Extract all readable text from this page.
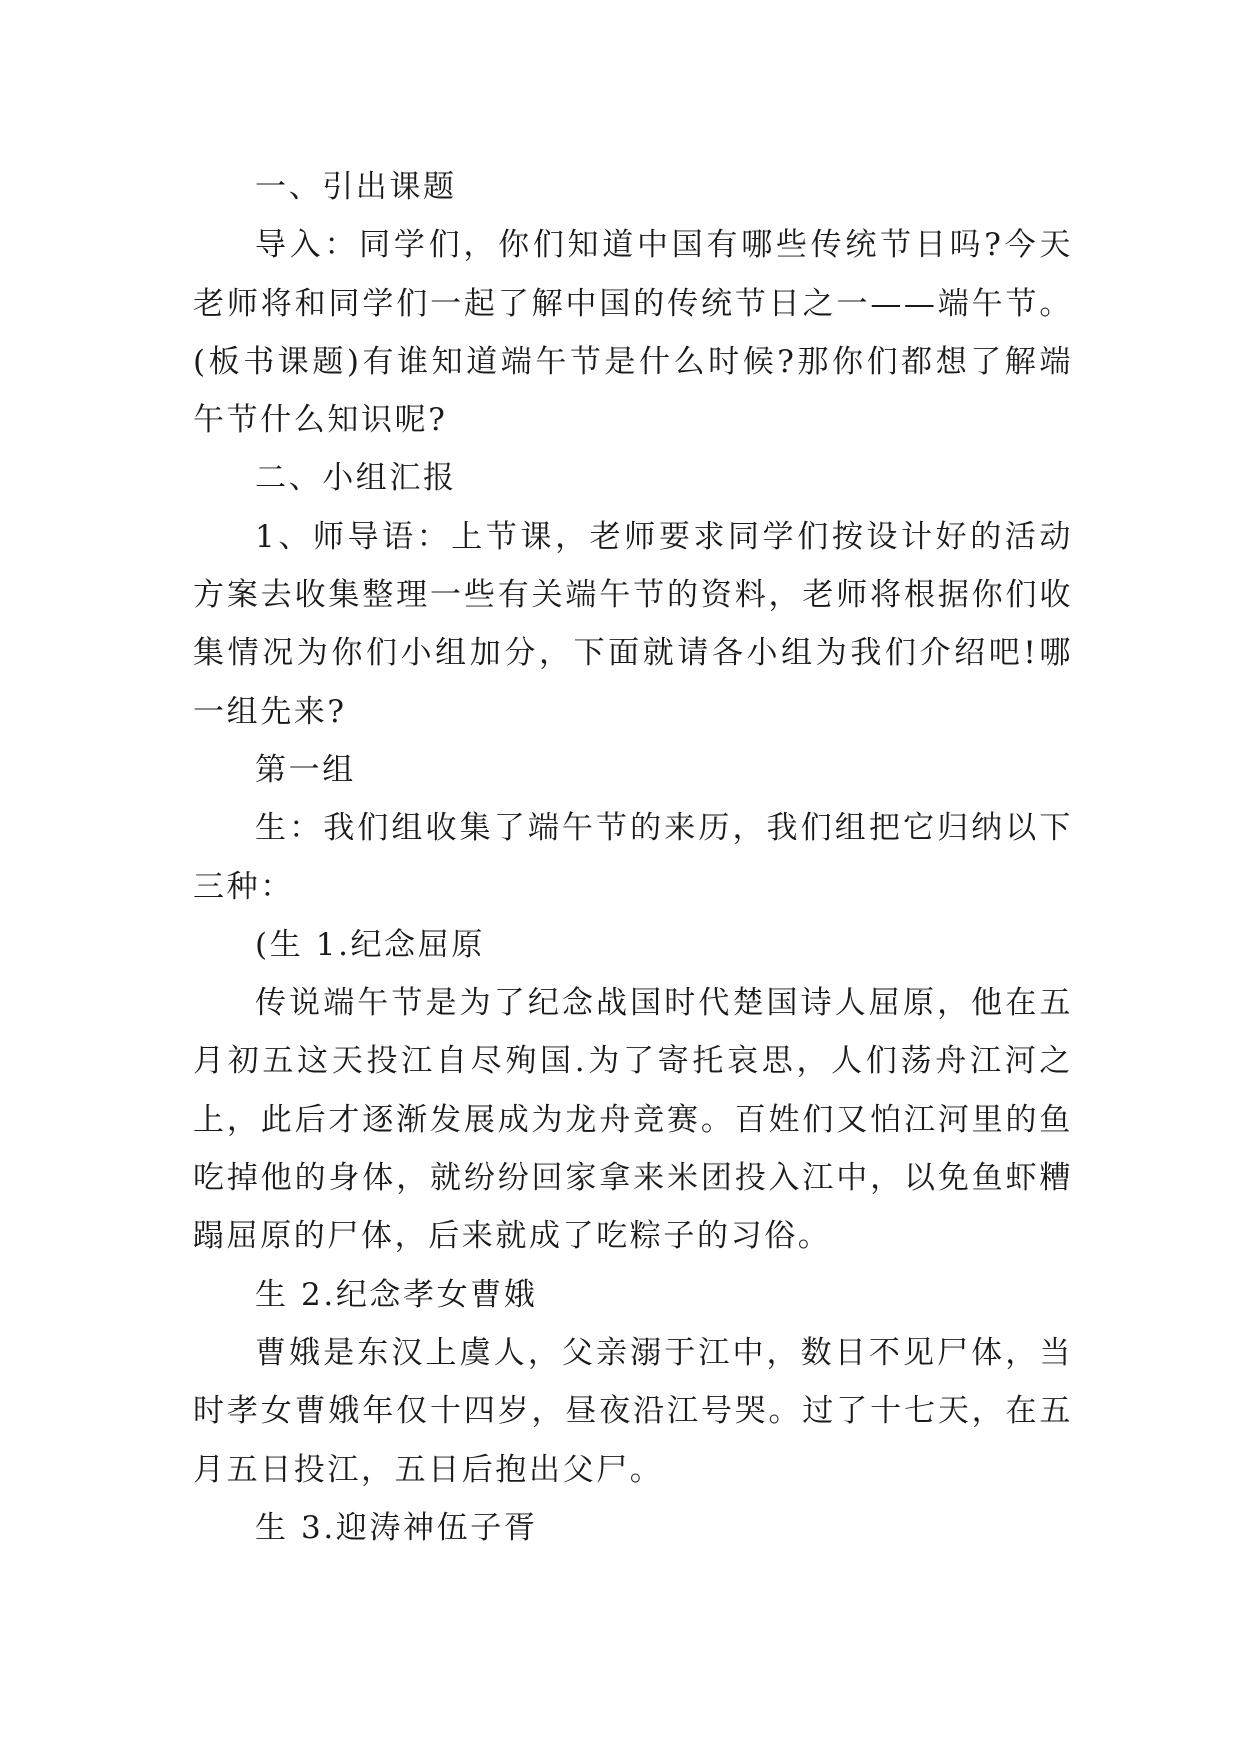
一、引出课题

导入：同学们，你们知道中国有哪些传统节日吗?今天老师将和同学们一起了解中国的传统节日之一——端午节。(板书课题)有谁知道端午节是什么时候?那你们都想了解端午节什么知识呢?

二、小组汇报

1、师导语：上节课，老师要求同学们按设计好的活动方案去收集整理一些有关端午节的资料，老师将根据你们收集情况为你们小组加分，下面就请各小组为我们介绍吧!哪一组先来?

第一组

生：我们组收集了端午节的来历，我们组把它归纳以下三种：

(生 1.纪念屈原

传说端午节是为了纪念战国时代楚国诗人屈原，他在五月初五这天投江自尽殉国.为了寄托哀思，人们荡舟江河之上，此后才逐渐发展成为龙舟竞赛。百姓们又怕江河里的鱼吃掉他的身体，就纷纷回家拿来米团投入江中，以免鱼虾糟蹋屈原的尸体，后来就成了吃粽子的习俗。

生 2.纪念孝女曹娥

曹娥是东汉上虞人，父亲溺于江中，数日不见尸体，当时孝女曹娥年仅十四岁，昼夜沿江号哭。过了十七天，在五月五日投江，五日后抱出父尸。

生 3.迎涛神伍子胥
